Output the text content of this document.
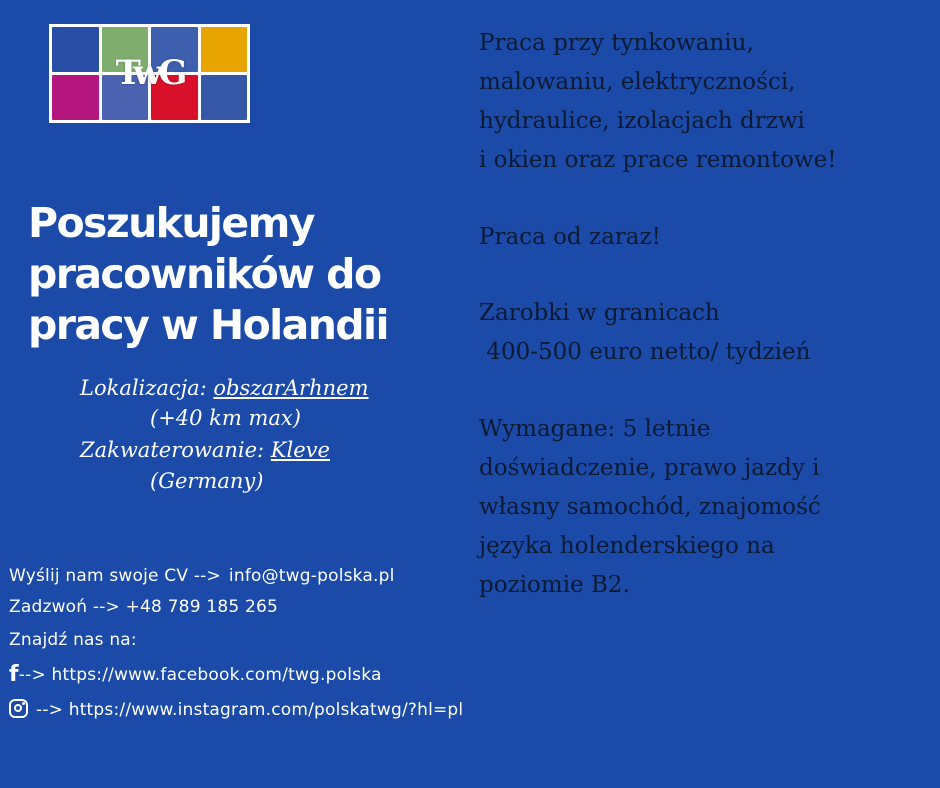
TwG
Poszukujemy
pracowników do
pracy w Holandii
Lokalizacja: obszarArhnem
(+40 km max)
Zakwaterowanie: Kleve
(Germany)
Wyślij nam swoje CV --> info@twg-polska.pl
Zadzwoń --> +48 789 185 265
Znajdź nas na:
f--> https://www.facebook.com/twg.polska
--> https://www.instagram.com/polskatwg/?hl=pl
Praca przy tynkowaniu,
malowaniu, elektryczności,
hydraulice, izolacjach drzwi
i okien oraz prace remontowe!
Praca od zaraz!
Zarobki w granicach
400-500 euro netto/ tydzień
Wymagane: 5 letnie
doświadczenie, prawo jazdy i
własny samochód, znajomość
języka holenderskiego na
poziomie B2.
